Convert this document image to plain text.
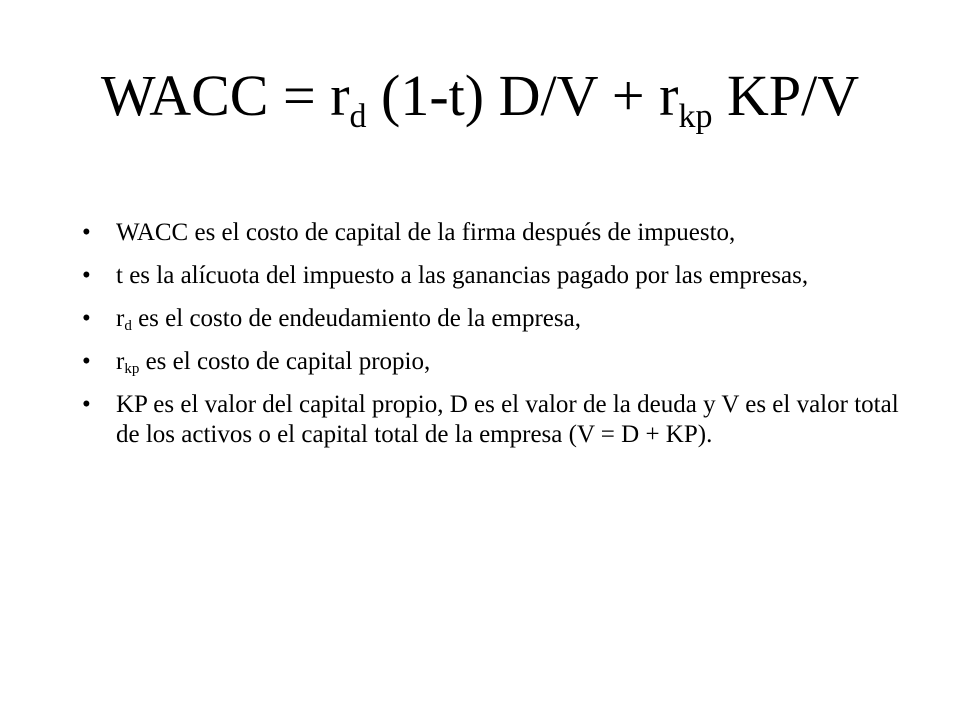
WACC = $r_d$ (1-t) $D/V + r_{kp}$ KP/V
• WACC es el costo de capital de la firma después de impuesto,
• t es la alícuota del impuesto a las ganancias pagado por las empresas,
• $r_d$ es el costo de endeudamiento de la empresa,
• $r_{kp}$ es el costo de capital propio,
• KP es el valor del capital propio, D es el valor de la deuda y V es el valor total de los activos o el capital total de la empresa (V = D + KP).
